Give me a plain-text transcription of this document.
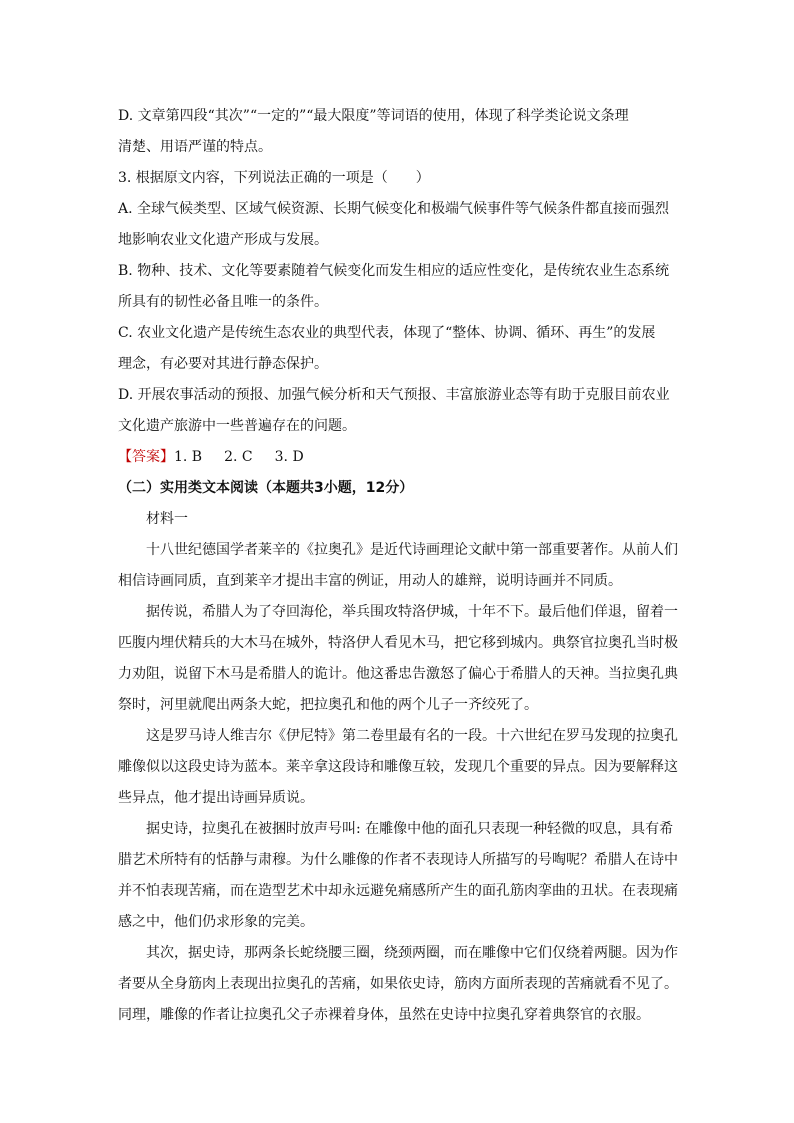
D. 文章第四段“其次”“一定的”“最大限度”等词语的使用，体现了科学类论说文条理
清楚、用语严谨的特点。
3. 根据原文内容，下列说法正确的一项是（　　）
A. 全球气候类型、区域气候资源、长期气候变化和极端气候事件等气候条件都直接而强烈
地影响农业文化遗产形成与发展。
B. 物种、技术、文化等要素随着气候变化而发生相应的适应性变化，是传统农业生态系统
所具有的韧性必备且唯一的条件。
C. 农业文化遗产是传统生态农业的典型代表，体现了“整体、协调、循环、再生”的发展
理念，有必要对其进行静态保护。
D. 开展农事活动的预报、加强气候分析和天气预报、丰富旅游业态等有助于克服目前农业
文化遗产旅游中一些普遍存在的问题。
【答案】1. B 2. C 3. D
（二）实用类文本阅读（本题共3小题，12分）
材料一
十八世纪德国学者莱辛的《拉奥孔》是近代诗画理论文献中第一部重要著作。从前人们
相信诗画同质，直到莱辛才提出丰富的例证，用动人的雄辩，说明诗画并不同质。
据传说，希腊人为了夺回海伦，举兵围攻特洛伊城，十年不下。最后他们佯退，留着一
匹腹内埋伏精兵的大木马在城外，特洛伊人看见木马，把它移到城内。典祭官拉奥孔当时极
力劝阻，说留下木马是希腊人的诡计。他这番忠告激怒了偏心于希腊人的天神。当拉奥孔典
祭时，河里就爬出两条大蛇，把拉奥孔和他的两个儿子一齐绞死了。
这是罗马诗人维吉尔《伊尼特》第二卷里最有名的一段。十六世纪在罗马发现的拉奥孔
雕像似以这段史诗为蓝本。莱辛拿这段诗和雕像互较，发现几个重要的异点。因为要解释这
些异点，他才提出诗画异质说。
据史诗，拉奥孔在被捆时放声号叫: 在雕像中他的面孔只表现一种轻微的叹息，具有希
腊艺术所特有的恬静与肃穆。为什么雕像的作者不表现诗人所描写的号啕呢？希腊人在诗中
并不怕表现苦痛，而在造型艺术中却永远避免痛感所产生的面孔筋肉挛曲的丑状。在表现痛
感之中，他们仍求形象的完美。
其次，据史诗，那两条长蛇绕腰三圈，绕颈两圈，而在雕像中它们仅绕着两腿。因为作
者要从全身筋肉上表现出拉奥孔的苦痛，如果依史诗，筋肉方面所表现的苦痛就看不见了。
同理，雕像的作者让拉奥孔父子赤裸着身体，虽然在史诗中拉奥孔穿着典祭官的衣服。
